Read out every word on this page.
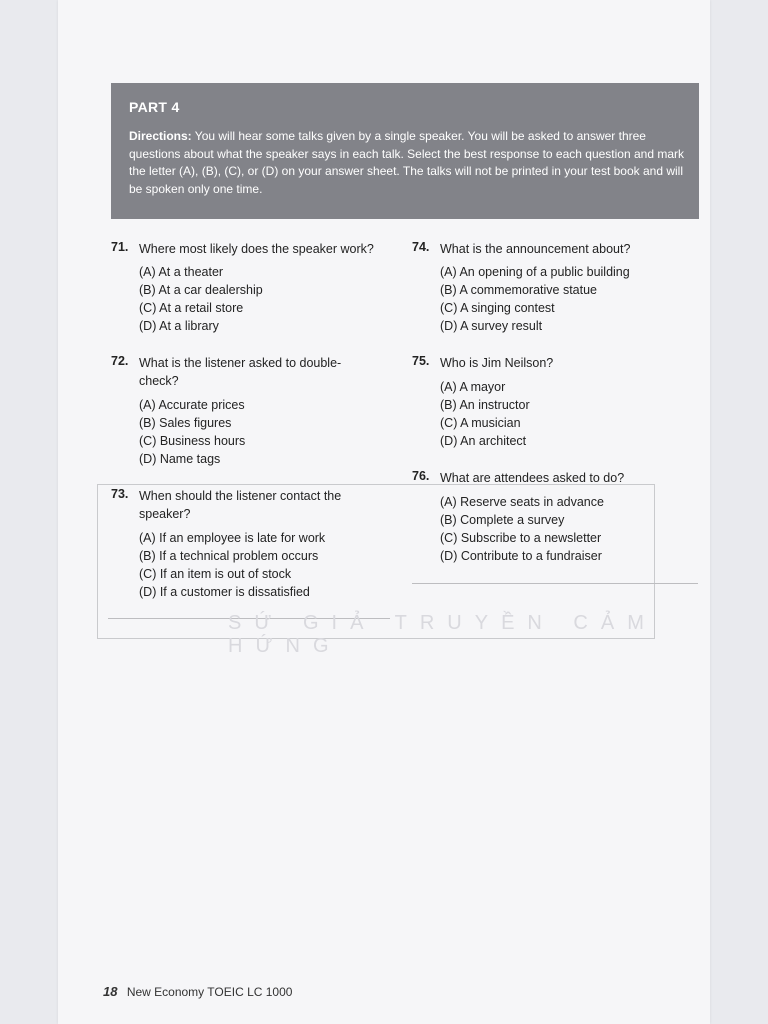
PART 4
Directions: You will hear some talks given by a single speaker. You will be asked to answer three questions about what the speaker says in each talk. Select the best response to each question and mark the letter (A), (B), (C), or (D) on your answer sheet. The talks will not be printed in your test book and will be spoken only one time.
71. Where most likely does the speaker work?
(A) At a theater
(B) At a car dealership
(C) At a retail store
(D) At a library
72. What is the listener asked to double-check?
(A) Accurate prices
(B) Sales figures
(C) Business hours
(D) Name tags
73. When should the listener contact the speaker?
(A) If an employee is late for work
(B) If a technical problem occurs
(C) If an item is out of stock
(D) If a customer is dissatisfied
74. What is the announcement about?
(A) An opening of a public building
(B) A commemorative statue
(C) A singing contest
(D) A survey result
75. Who is Jim Neilson?
(A) A mayor
(B) An instructor
(C) A musician
(D) An architect
76. What are attendees asked to do?
(A) Reserve seats in advance
(B) Complete a survey
(C) Subscribe to a newsletter
(D) Contribute to a fundraiser
SỨ GIẢ TRUYỀN CẢM HỨNG
18 New Economy TOEIC LC 1000
